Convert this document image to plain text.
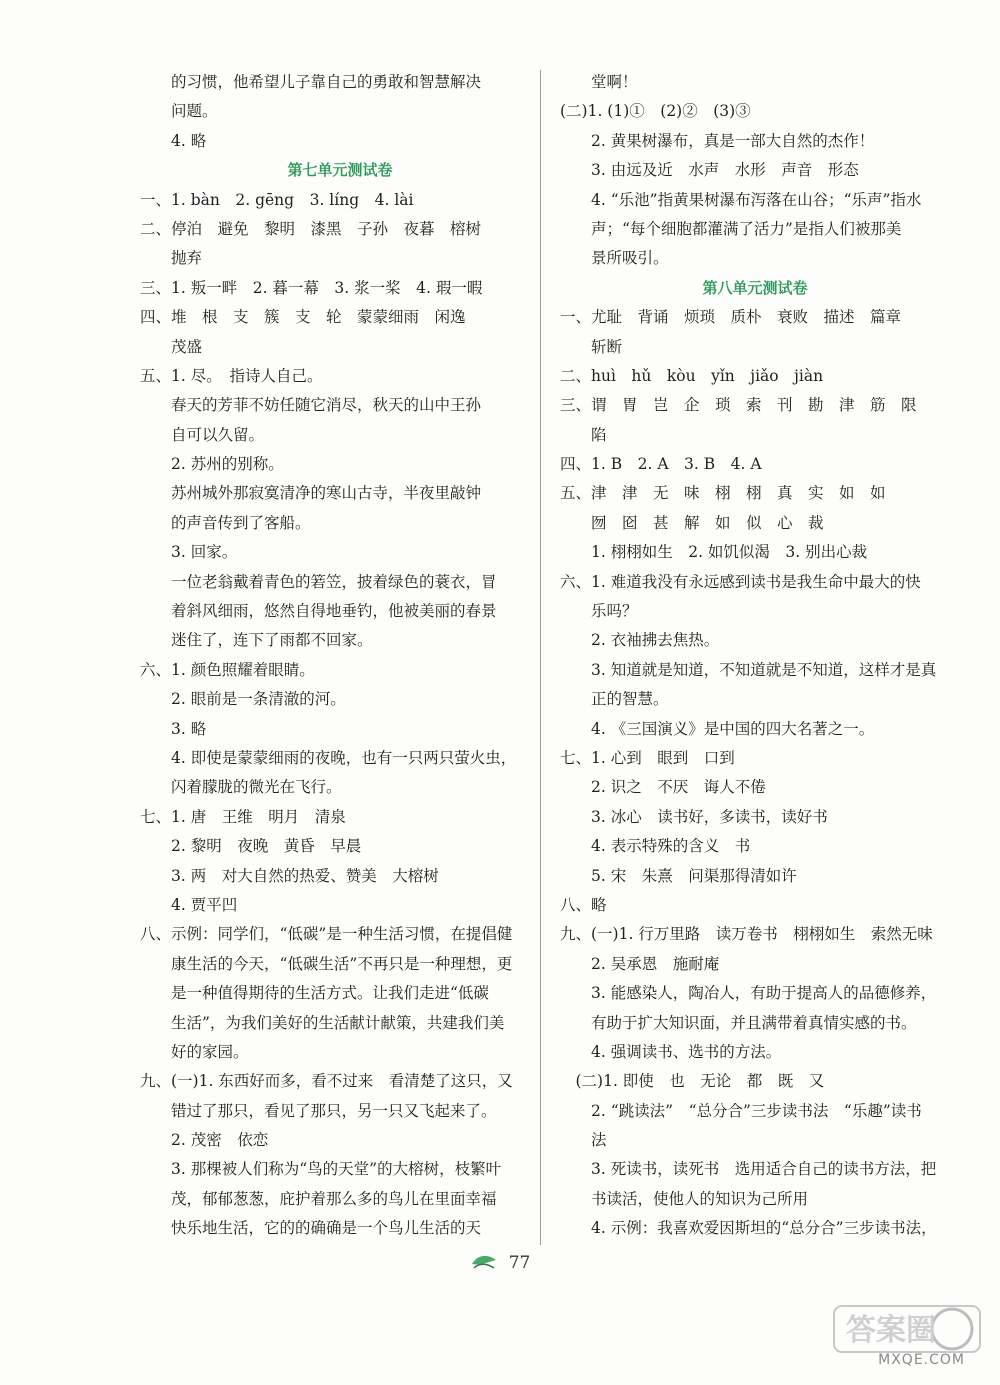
　　的习惯，他希望儿子靠自己的勇敢和智慧解决
　　问题。
　　4. 略
第七单元测试卷
一、1. bàn　2. gēng　3. líng　4. lài
二、停泊　避免　黎明　漆黑　子孙　夜暮　榕树
　　抛弃
三、1. 叛一畔　2. 暮一幕　3. 浆一桨　4. 瑕一暇
四、堆　根　支　簇　支　轮　蒙蒙细雨　闲逸
　　茂盛
五、1. 尽。　指诗人自己。
　　春天的芳菲不妨任随它消尽，秋天的山中王孙
　　自可以久留。
　　2. 苏州的别称。
　　苏州城外那寂寞清净的寒山古寺，半夜里敲钟
　　的声音传到了客船。
　　3. 回家。
　　一位老翁戴着青色的箬笠，披着绿色的蓑衣，冒
　　着斜风细雨，悠然自得地垂钓，他被美丽的春景
　　迷住了，连下了雨都不回家。
六、1. 颜色照耀着眼睛。
　　2. 眼前是一条清澈的河。
　　3. 略
　　4. 即使是蒙蒙细雨的夜晚，也有一只两只萤火虫，
　　闪着朦胧的微光在飞行。
七、1. 唐　王维　明月　清泉
　　2. 黎明　夜晚　黄昏　早晨
　　3. 两　对大自然的热爱、赞美　大榕树
　　4. 贾平凹
八、示例：同学们，“低碳”是一种生活习惯，在提倡健
　　康生活的今天，“低碳生活”不再只是一种理想，更
　　是一种值得期待的生活方式。让我们走进“低碳
　　生活”，为我们美好的生活献计献策，共建我们美
　　好的家园。
九、(一)1. 东西好而多，看不过来　看清楚了这只，又
　　错过了那只，看见了那只，另一只又飞起来了。
　　2. 茂密　依恋
　　3. 那棵被人们称为“鸟的天堂”的大榕树，枝繁叶
　　茂，郁郁葱葱，庇护着那么多的鸟儿在里面幸福
　　快乐地生活，它的的确确是一个鸟儿生活的天
　　堂啊！
(二)1. (1)①　(2)②　(3)③
　　2. 黄果树瀑布，真是一部大自然的杰作！
　　3. 由远及近　水声　水形　声音　形态
　　4. “乐池”指黄果树瀑布泻落在山谷；“乐声”指水
　　声；“每个细胞都灌满了活力”是指人们被那美
　　景所吸引。
第八单元测试卷
一、尤耻　背诵　烦琐　质朴　衰败　描述　篇章
　　斩断
二、huì　hǔ　kòu　yǐn　jiǎo　jiàn
三、谓　胃　岂　企　琐　索　刊　勘　津　筋　限
　　陷
四、1. B　2. A　3. B　4. A
五、津　津　无　味　栩　栩　真　实　如　如
　　囫　囵　甚　解　如　似　心　裁
　　1. 栩栩如生　2. 如饥似渴　3. 别出心裁
六、1. 难道我没有永远感到读书是我生命中最大的快
　　乐吗？
　　2. 衣袖拂去焦热。
　　3. 知道就是知道，不知道就是不知道，这样才是真
　　正的智慧。
　　4. 《三国演义》是中国的四大名著之一。
七、1. 心到　眼到　口到
　　2. 识之　不厌　诲人不倦
　　3. 冰心　读书好，多读书，读好书
　　4. 表示特殊的含义　书
　　5. 宋　朱熹　问渠那得清如许
八、略
九、(一)1. 行万里路　读万卷书　栩栩如生　索然无味
　　2. 吴承恩　施耐庵
　　3. 能感染人，陶冶人，有助于提高人的品德修养，
　　有助于扩大知识面，并且满带着真情实感的书。
　　4. 强调读书、选书的方法。
　(二)1. 即使　也　无论　都　既　又
　　2. “跳读法”　“总分合”三步读书法　“乐趣”读书
　　法
　　3. 死读书，读死书　选用适合自己的读书方法，把
　　书读活，使他人的知识为己所用
　　4. 示例：我喜欢爱因斯坦的“总分合”三步读书法，
77
答案圈
MXQE.COM
